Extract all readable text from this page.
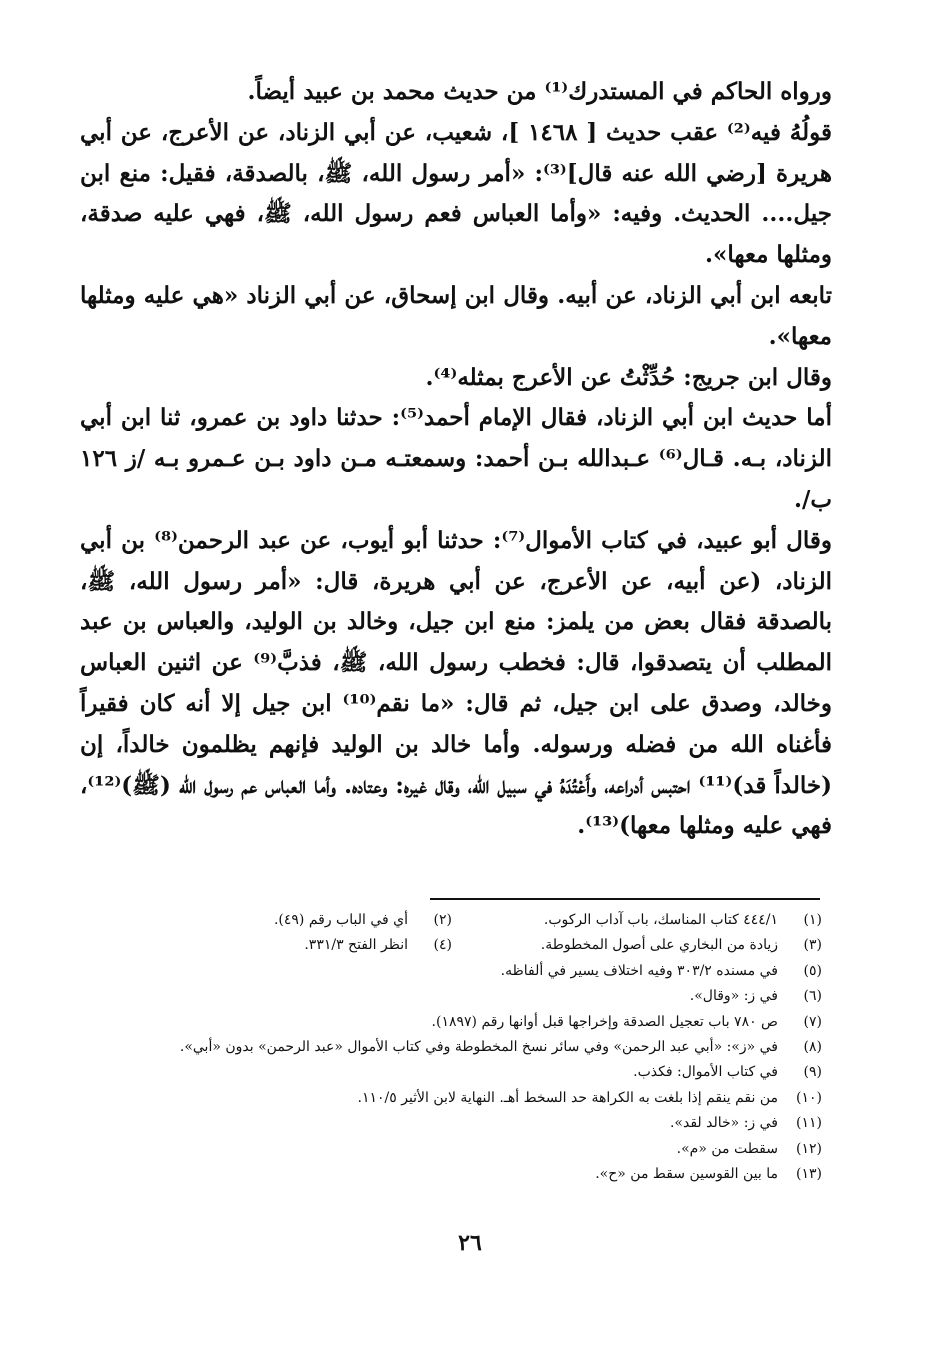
ورواه الحاكم في المستدرك⁽¹⁾ من حديث محمد بن عبيد أيضاً.

قولُهُ فيه⁽²⁾ عقب حديث [ ١٤٦٨ ]، شعيب، عن أبي الزناد، عن الأعرج، عن أبي هريرة [رضي الله عنه قال]⁽³⁾: «أمر رسول الله، ﷺ، بالصدقة، فقيل: منع ابن جيل.... الحديث. وفيه: «وأما العباس فعم رسول الله، ﷺ، فهي عليه صدقة، ومثلها معها».

تابعه ابن أبي الزناد، عن أبيه. وقال ابن إسحاق، عن أبي الزناد «هي عليه ومثلها معها».

وقال ابن جريج: حُدِّثْتُ عن الأعرج بمثله⁽⁴⁾.

أما حديث ابن أبي الزناد، فقال الإمام أحمد⁽⁵⁾: حدثنا داود بن عمرو، ثنا ابن أبي الزناد، بـه. قـال⁽⁶⁾ عـبدالله بـن أحمد: وسمعتـه مـن داود بـن عـمرو بـه /ز ١٢٦ ب/.

وقال أبو عبيد، في كتاب الأموال⁽⁷⁾: حدثنا أبو أيوب، عن عبد الرحمن⁽⁸⁾ بن أبي الزناد، (عن أبيه، عن الأعرج، عن أبي هريرة، قال: «أمر رسول الله، ﷺ، بالصدقة فقال بعض من يلمز: منع ابن جيل، وخالد بن الوليد، والعباس بن عبد المطلب أن يتصدقوا، قال: فخطب رسول الله، ﷺ، فذبَّ⁽⁹⁾ عن اثنين العباس وخالد، وصدق على ابن جيل، ثم قال: «ما نقم⁽¹⁰⁾ ابن جيل إلا أنه كان فقيراً فأغناه الله من فضله ورسوله. وأما خالد بن الوليد فإنهم يظلمون خالداً، إن (خالداً قد)⁽¹¹⁾ احتبس أدراعه، وأَعْتُدَهُ في سبيل الله، وقال غيره: وعتاده. وأما العباس عم رسول الله (ﷺ)⁽¹²⁾، فهي عليه ومثلها معها)⁽¹³⁾.

(١)
٤٤٤/١ كتاب المناسك، باب آداب الركوب.
(٢)
أي في الباب رقم (٤٩).
(٣)
زيادة من البخاري على أصول المخطوطة.
(٤)
انظر الفتح ٣٣١/٣.
(٥)
في مسنده ٣٠٣/٢ وفيه اختلاف يسير في ألفاظه.
(٦)
في ز: «وقال».
(٧)
ص ٧٨٠ باب تعجيل الصدقة وإخراجها قبل أوانها رقم (١٨٩٧).
(٨)
في «ز»: «أبي عبد الرحمن» وفي سائر نسخ المخطوطة وفي كتاب الأموال «عبد الرحمن» بدون «أبي».
(٩)
في كتاب الأموال: فكذب.
(١٠)
من نقم ينقم إذا بلغت به الكراهة حد السخط أهـ. النهاية لابن الأثير ١١٠/٥.
(١١)
في ز: «خالد لقد».
(١٢)
سقطت من «م».
(١٣)
ما بين القوسين سقط من «ح».
٢٦
